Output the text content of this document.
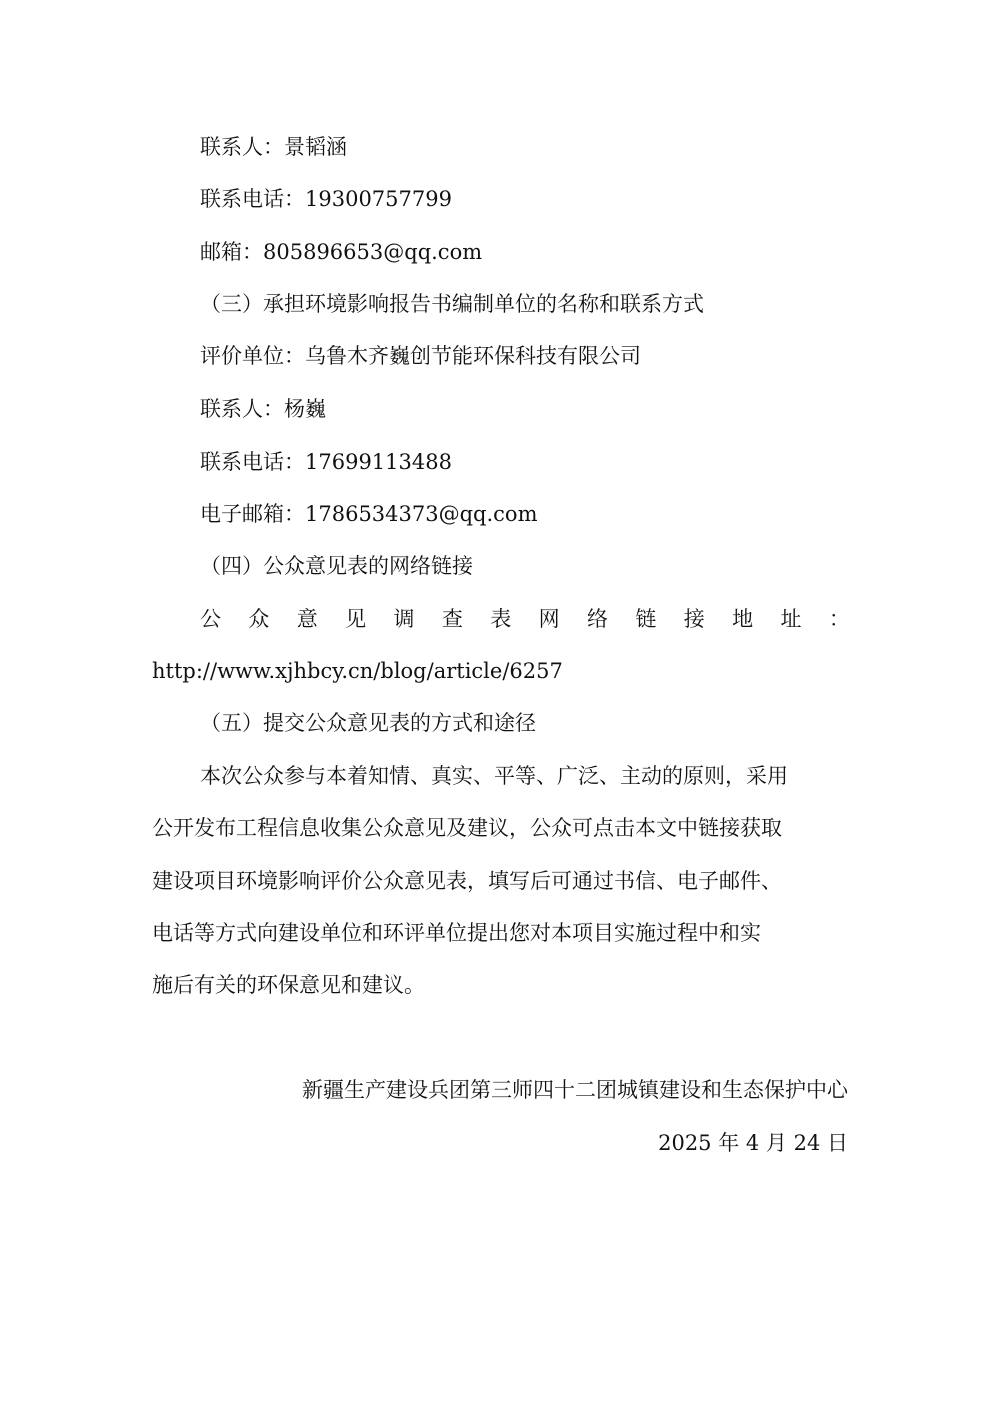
联系人：景韬涵
联系电话：19300757799
邮箱：805896653@qq.com
（三）承担环境影响报告书编制单位的名称和联系方式
评价单位：乌鲁木齐巍创节能环保科技有限公司
联系人：杨巍
联系电话：17699113488
电子邮箱：1786534373@qq.com
（四）公众意见表的网络链接
公 众 意 见 调 查 表 网 络 链 接 地 址 ：
http://www.xjhbcy.cn/blog/article/6257
（五）提交公众意见表的方式和途径
本次公众参与本着知情、真实、平等、广泛、主动的原则，采用
公开发布工程信息收集公众意见及建议，公众可点击本文中链接获取
建设项目环境影响评价公众意见表，填写后可通过书信、电子邮件、
电话等方式向建设单位和环评单位提出您对本项目实施过程中和实
施后有关的环保意见和建议。
新疆生产建设兵团第三师四十二团城镇建设和生态保护中心
2025 年 4 月 24 日
